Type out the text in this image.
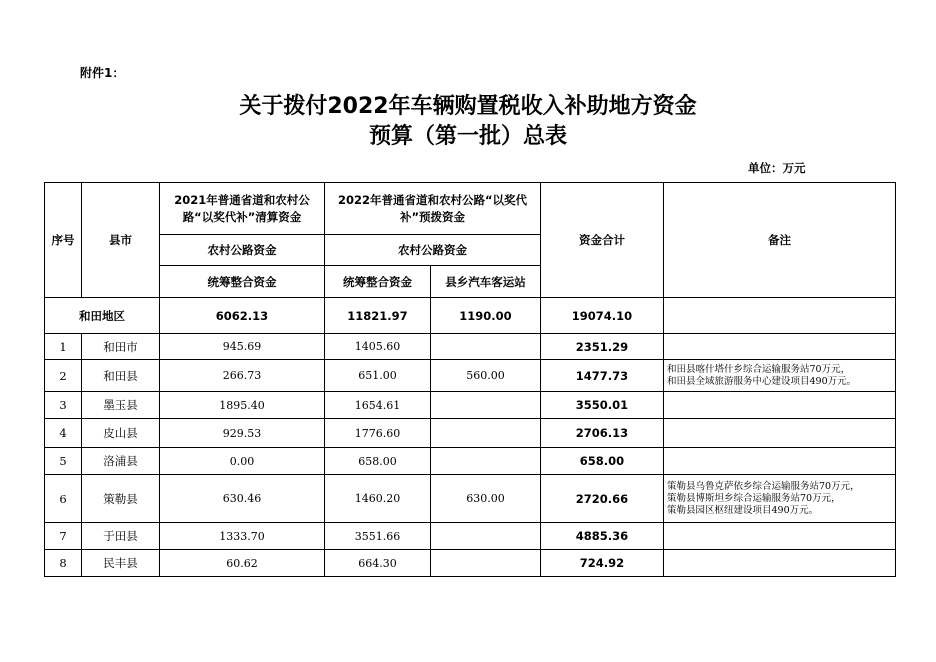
附件1：
关于拨付2022年车辆购置税收入补助地方资金
预算（第一批）总表
单位：万元
序号	县市	2021年普通省道和农村公路“以奖代补”清算资金	2022年普通省道和农村公路“以奖代补”预拨资金		资金合计	备注
		农村公路资金	农村公路资金			
		统筹整合资金	统筹整合资金	县乡汽车客运站		
和田地区		6062.13	11821.97	1190.00	19074.10	
1	和田市	945.69	1405.60		2351.29	
2	和田县	266.73	651.00	560.00	1477.73	和田县喀什塔什乡综合运输服务站70万元，
和田县全域旅游服务中心建设项目490万元。
3	墨玉县	1895.40	1654.61		3550.01	
4	皮山县	929.53	1776.60		2706.13	
5	洛浦县	0.00	658.00		658.00	
6	策勒县	630.46	1460.20	630.00	2720.66	策勒县乌鲁克萨依乡综合运输服务站70万元，
策勒县博斯坦乡综合运输服务站70万元，
策勒县园区枢纽建设项目490万元。
7	于田县	1333.70	3551.66		4885.36	
8	民丰县	60.62	664.30		724.92	
